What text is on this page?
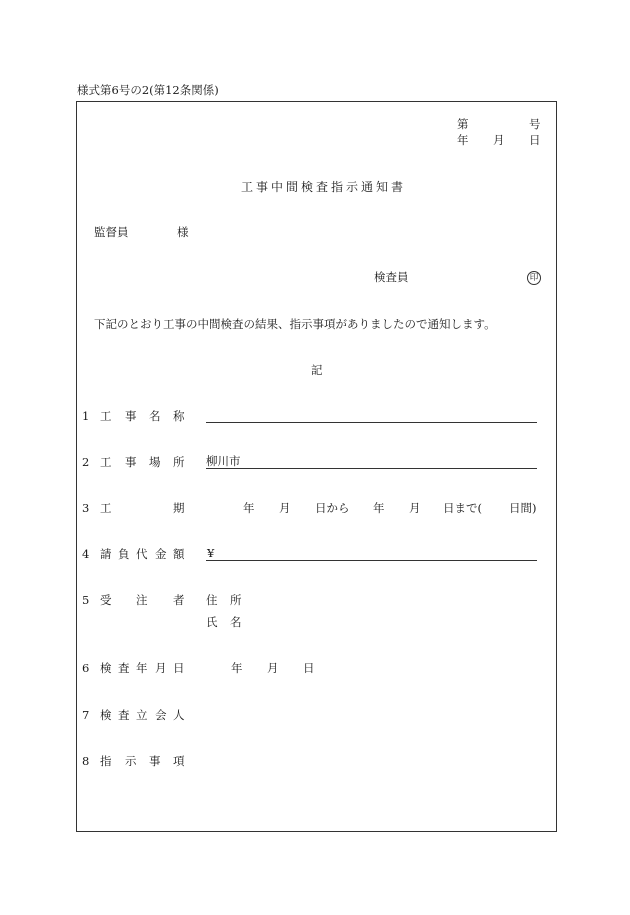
様式第6号の2(第12条関係)
第	号
年 月 日
工事中間検査指示通知書
監督員	様
検査員	印
下記のとおり工事の中間検査の結果、指示事項がありましたので通知します。
記
1 工 事 名 称
2 工 事 場 所 柳川市
3 工	期	年 月 日から 年 月 日まで( 日間)
4 請 負 代 金 額 ¥
5 受 注 者 住 所
氏 名
6 検 査 年 月 日	年 月 日
7 検 査 立 会 人
8 指 示 事 項
